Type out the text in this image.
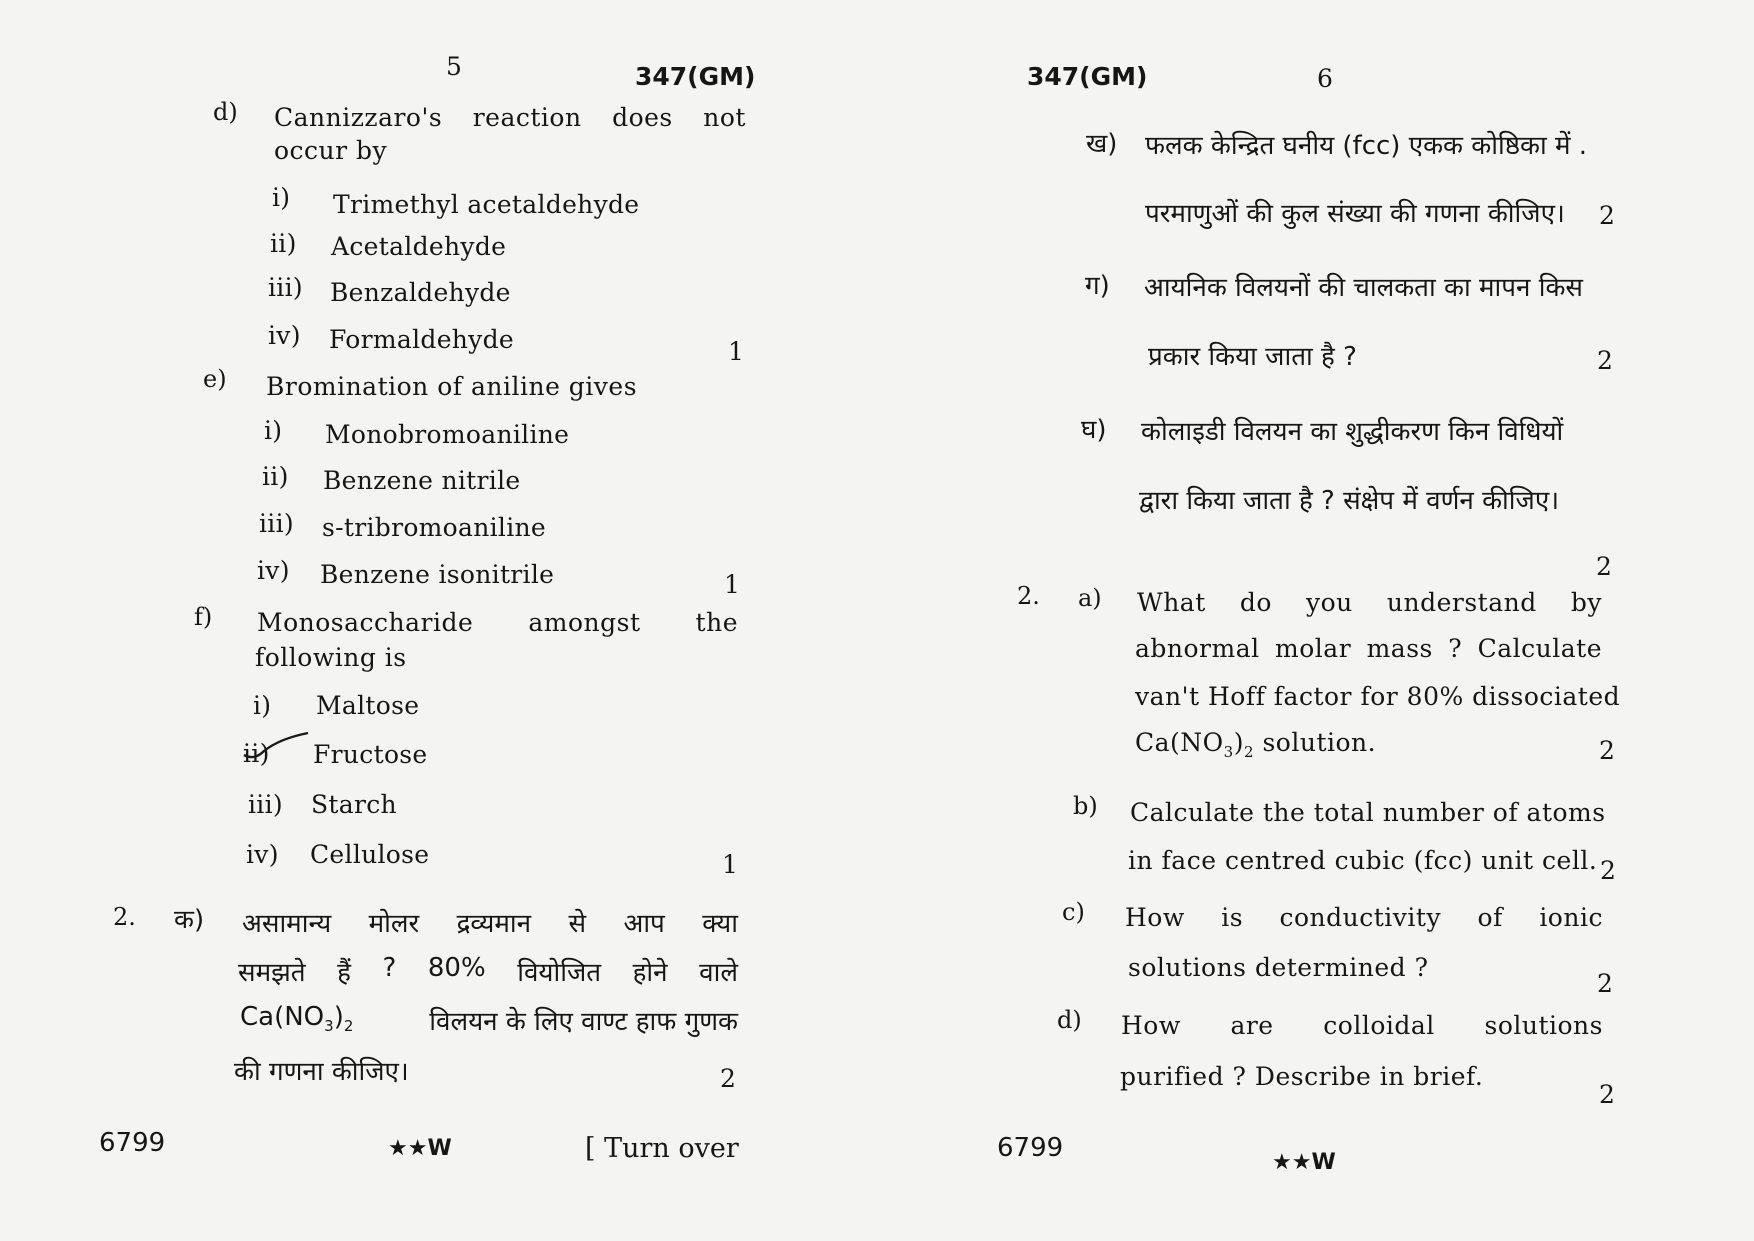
5	347(GM)
d) Cannizzaro's reaction does not
occur by
i) Trimethyl acetaldehyde
ii) Acetaldehyde
iii) Benzaldehyde
iv) Formaldehyde	1
e) Bromination of aniline gives
i) Monobromoaniline
ii) Benzene nitrile
iii) s-tribromoaniline
iv) Benzene isonitrile	1
f) Monosaccharide amongst the
following is
i) Maltose
ii) Fructose
iii) Starch
iv) Cellulose	1
2. क) असामान्य मोलर द्रव्यमान से आप क्या
समझते हैं ? 80% वियोजित होने वाले
$Ca(NO_3)_2$	विलयन के लिए वाण्ट हाफ गुणक
की गणना कीजिए।	2
6799	★★W	[ Turn over
347(GM)	6
ख) फलक केन्द्रित घनीय (fcc) एकक कोष्ठिका में .
परमाणुओं की कुल संख्या की गणना कीजिए। 2
ग) आयनिक विलयनों की चालकता का मापन किस
प्रकार किया जाता है ?	2
घ) कोलाइडी विलयन का शुद्धीकरण किन विधियों
द्वारा किया जाता है ? संक्षेप में वर्णन कीजिए।
2
2. a) What do you understand by
abnormal molar mass ? Calculate
van't Hoff factor for 80% dissociated
$Ca(NO_3)_2$ solution.	2
b) Calculate the total number of atoms
in face centred cubic (fcc) unit cell. 2
c) How is conductivity of ionic
solutions determined ?
2
d) How are colloidal solutions
purified ? Describe in brief.
2
6799	★★W
